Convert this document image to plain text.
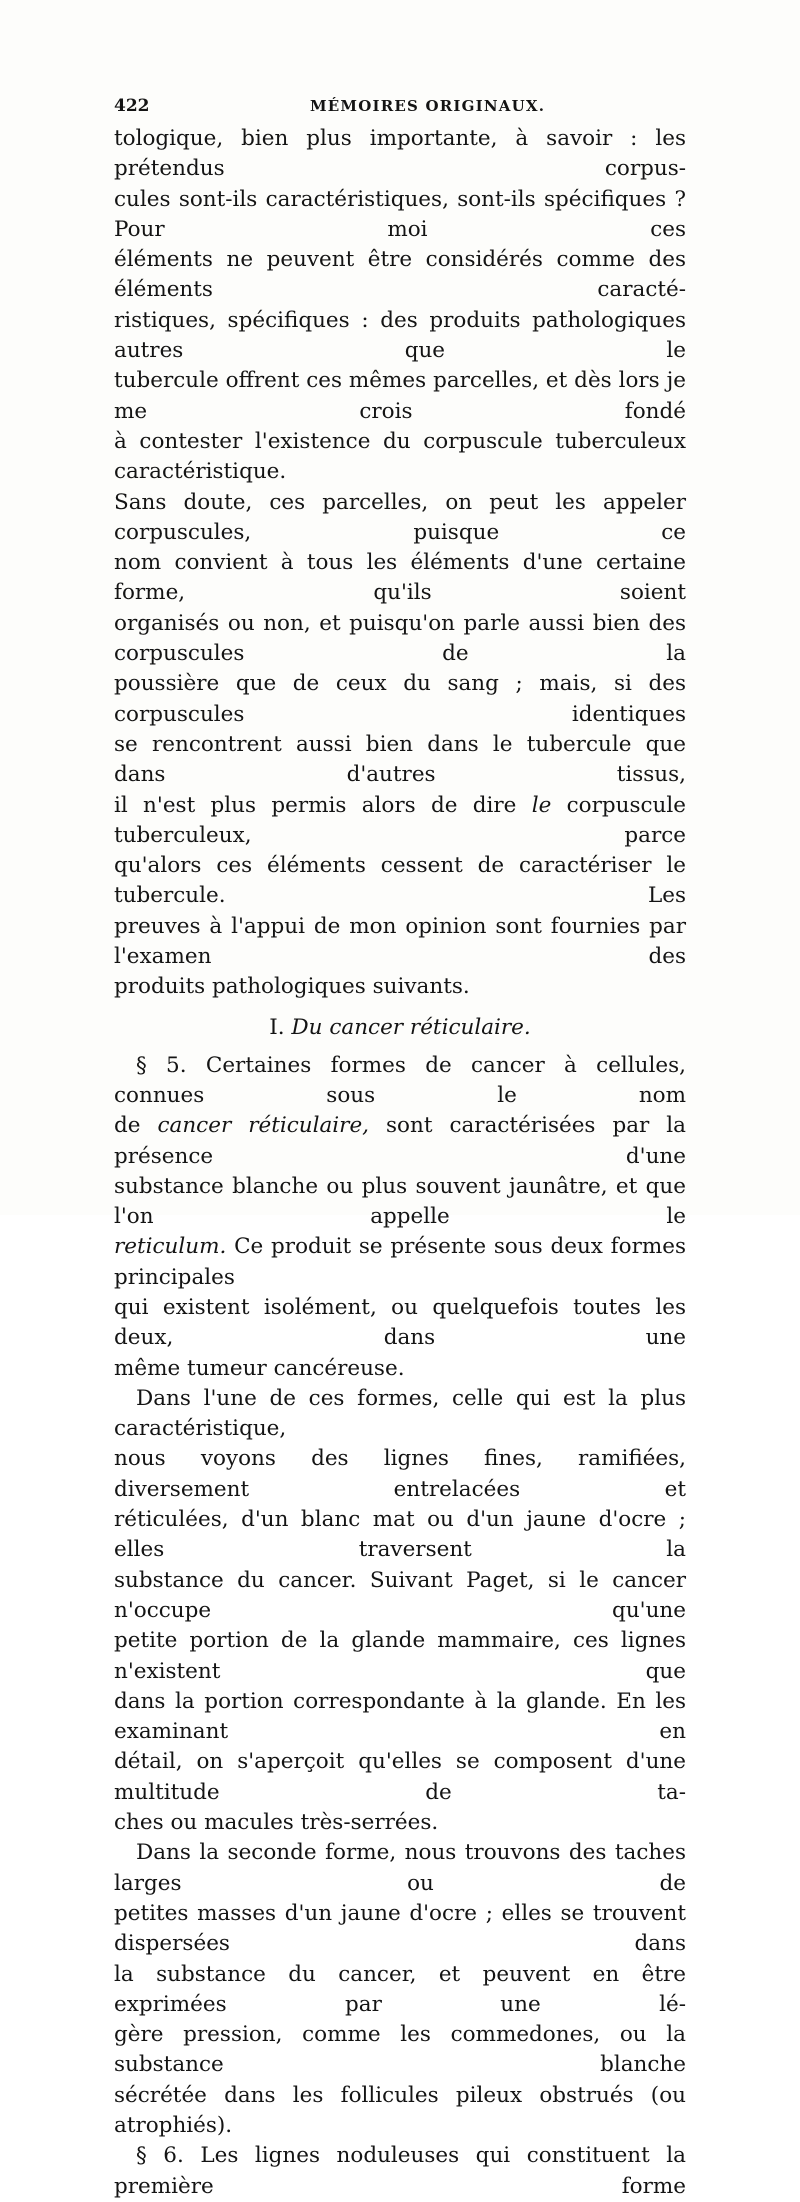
422	MÉMOIRES ORIGINAUX.

tologique, bien plus importante, à savoir : les prétendus corpus-

cules sont-ils caractéristiques, sont-ils spécifiques ? Pour moi ces

éléments ne peuvent être considérés comme des éléments caracté-

ristiques, spécifiques : des produits pathologiques autres que le

tubercule offrent ces mêmes parcelles, et dès lors je me crois fondé

à contester l'existence du corpuscule tuberculeux caractéristique.

Sans doute, ces parcelles, on peut les appeler corpuscules, puisque ce

nom convient à tous les éléments d'une certaine forme, qu'ils soient

organisés ou non, et puisqu'on parle aussi bien des corpuscules de la

poussière que de ceux du sang ; mais, si des corpuscules identiques

se rencontrent aussi bien dans le tubercule que dans d'autres tissus,

il n'est plus permis alors de dire le corpuscule tuberculeux, parce

qu'alors ces éléments cessent de caractériser le tubercule. Les

preuves à l'appui de mon opinion sont fournies par l'examen des

produits pathologiques suivants.

I. Du cancer réticulaire.

§ 5. Certaines formes de cancer à cellules, connues sous le nom

de cancer réticulaire, sont caractérisées par la présence d'une

substance blanche ou plus souvent jaunâtre, et que l'on appelle le

reticulum. Ce produit se présente sous deux formes principales

qui existent isolément, ou quelquefois toutes les deux, dans une

même tumeur cancéreuse.

Dans l'une de ces formes, celle qui est la plus caractéristique,

nous voyons des lignes fines, ramifiées, diversement entrelacées et

réticulées, d'un blanc mat ou d'un jaune d'ocre ; elles traversent la

substance du cancer. Suivant Paget, si le cancer n'occupe qu'une

petite portion de la glande mammaire, ces lignes n'existent que

dans la portion correspondante à la glande. En les examinant en

détail, on s'aperçoit qu'elles se composent d'une multitude de ta-

ches ou macules très-serrées.

Dans la seconde forme, nous trouvons des taches larges ou de

petites masses d'un jaune d'ocre ; elles se trouvent dispersées dans

la substance du cancer, et peuvent en être exprimées par une lé-

gère pression, comme les commedones, ou la substance blanche

sécrétée dans les follicules pileux obstrués (ou atrophiés).

§ 6. Les lignes noduleuses qui constituent la première forme
